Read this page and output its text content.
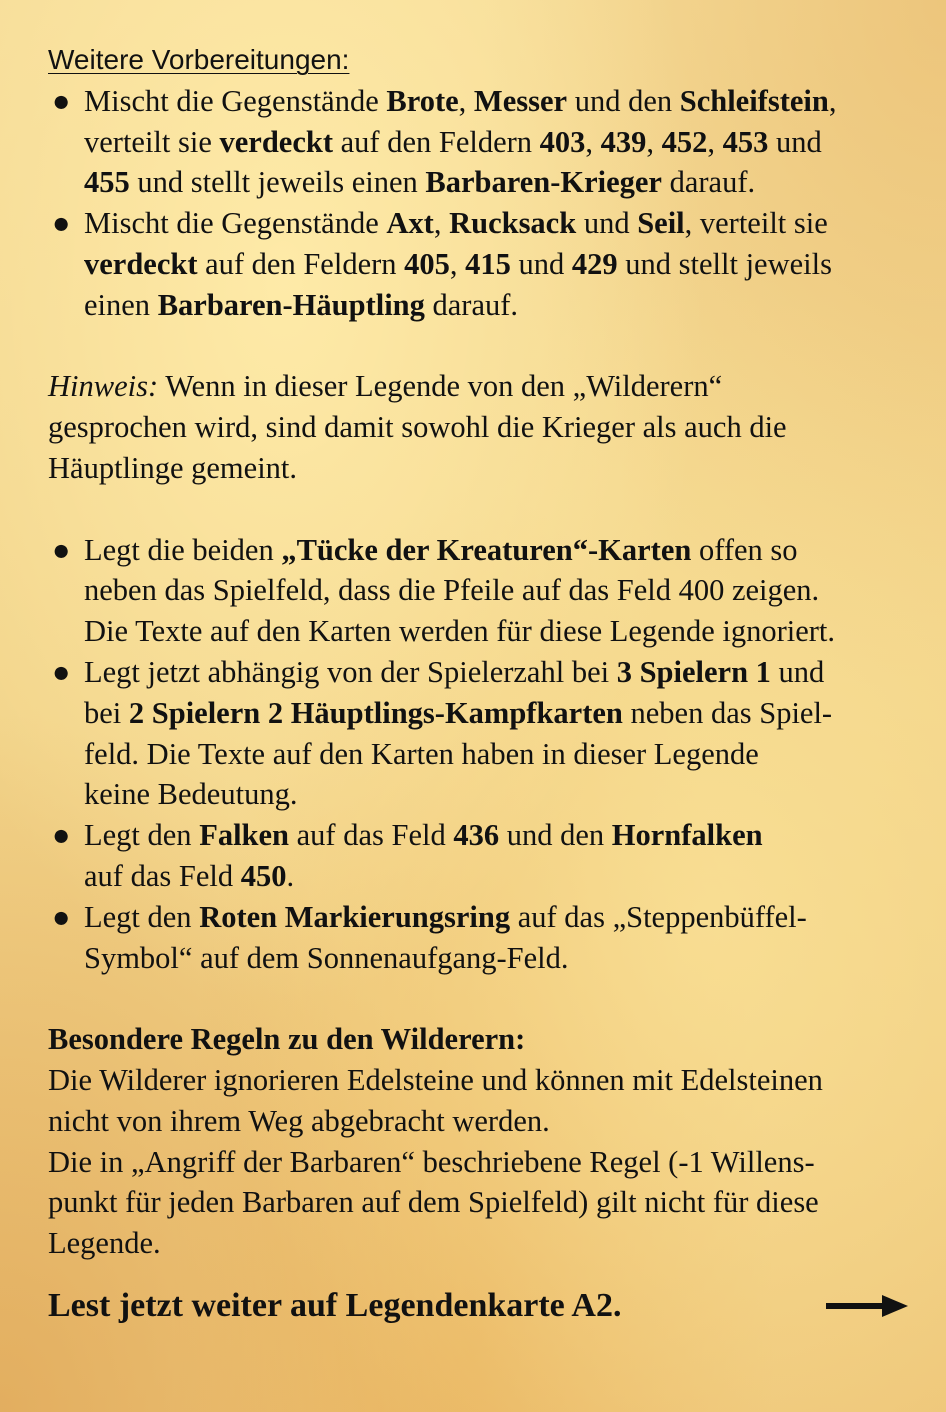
Weitere Vorbereitungen:

● Mischt die Gegenstände Brote, Messer und den Schleifstein,

verteilt sie verdeckt auf den Feldern 403, 439, 452, 453 und

455 und stellt jeweils einen Barbaren-Krieger darauf.

● Mischt die Gegenstände Axt, Rucksack und Seil, verteilt sie

verdeckt auf den Feldern 405, 415 und 429 und stellt jeweils

einen Barbaren-Häuptling darauf.

Hinweis: Wenn in dieser Legende von den „Wilderern“

gesprochen wird, sind damit sowohl die Krieger als auch die

Häuptlinge gemeint.

● Legt die beiden „Tücke der Kreaturen“-Karten offen so

neben das Spielfeld, dass die Pfeile auf das Feld 400 zeigen.

Die Texte auf den Karten werden für diese Legende ignoriert.

● Legt jetzt abhängig von der Spielerzahl bei 3 Spielern 1 und

bei 2 Spielern 2 Häuptlings-Kampfkarten neben das Spiel-

feld. Die Texte auf den Karten haben in dieser Legende

keine Bedeutung.

● Legt den Falken auf das Feld 436 und den Hornfalken

auf das Feld 450.

● Legt den Roten Markierungsring auf das „Steppenbüffel-

Symbol“ auf dem Sonnenaufgang-Feld.

Besondere Regeln zu den Wilderern:

Die Wilderer ignorieren Edelsteine und können mit Edelsteinen

nicht von ihrem Weg abgebracht werden.

Die in „Angriff der Barbaren“ beschriebene Regel (-1 Willens-

punkt für jeden Barbaren auf dem Spielfeld) gilt nicht für diese

Legende.

Lest jetzt weiter auf Legendenkarte A2.
